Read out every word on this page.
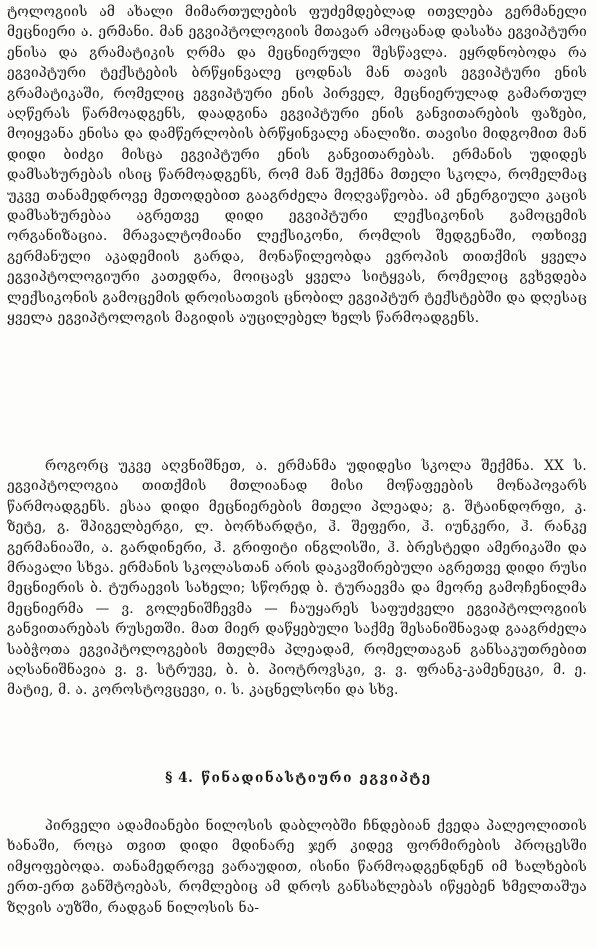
ტოლოგიის ამ ახალი მიმართულების ფუძემდებლად ითვლება გერმანელი მეცნიერი ა. ერმანი. მან ეგვიპტოლოგიის მთავარ ამოცანად დასახა ეგვიპტური ენისა და გრამატიკის ღრმა და მეცნიერული შესწავლა. ეყრდნობოდა რა ეგვიპტური ტექსტების ბრწყინვალე ცოდნას მან თავის ეგვიპტური ენის გრამატიკაში, რომელიც ეგვიპტური ენის პირველ, მეცნიერულად გამართულ აღწერას წარმოადგენს, დაადგინა ეგვიპტური ენის განვითარების ფაზები, მოიყვანა ენისა და დამწერლობის ბრწყინვალე ანალიზი. თავისი მიდგომით მან დიდი ბიძგი მისცა ეგვიპტური ენის განვითარებას. ერმანის უდიდეს დამსახურებას ისიც წარმოადგენს, რომ მან შექმნა მთელი სკოლა, რომელმაც უკვე თანამედროვე მეთოდებით გააგრძელა მოღვაწეობა. ამ ენერგიული კაცის დამსახურებაა აგრეთვე დიდი ეგვიპტური ლექსიკონის გამოცემის ორგანიზაცია. მრავალტომიანი ლექსიკონი, რომლის შედგენაში, ოთხივე გერმანული აკადემიის გარდა, მონაწილეობდა ევროპის თითქმის ყველა ეგვიპტოლოგიური კათედრა, მოიცავს ყველა სიტყვას, რომელიც გვხვდება ლექსიკონის გამოცემის დროისათვის ცნობილ ეგვიპტურ ტექსტებში და დღესაც ყველა ეგვიპტოლოგის მაგიდის აუცილებელ ხელს წარმოადგენს.

როგორც უკვე აღვნიშნეთ, ა. ერმანმა უდიდესი სკოლა შექმნა. XX ს. ეგვიპტოლოგია თითქმის მთლიანად მისი მოწაფეების მონაპოვარს წარმოადგენს. ესაა დიდი მეცნიერების მთელი პლეადა; გ. შტაინდორფი, კ. ზეტე, გ. შპიგელბერგი, ლ. ბორხარდტი, ჰ. შეფერი, ჰ. იუნკერი, ჰ. რანკე გერმანიაში, ა. გარდინერი, ჰ. გრიფიტი ინგლისში, ჰ. ბრესტედი ამერიკაში და მრავალი სხვა. ერმანის სკოლასთან არის დაკავშირებული აგრეთვე დიდი რუსი მეცნიერის ბ. ტურაევის სახელი; სწორედ ბ. ტურაევმა და მეორე გამოჩენილმა მეცნიერმა — ვ. გოლენიშჩევმა — ჩაუყარეს საფუძველი ეგვიპტოლოგიის განვითარებას რუსეთში. მათ მიერ დაწყებული საქმე შესანიშნავად გააგრძელა საბჭოთა ეგვიპტოლოგების მთელმა პლეადამ, რომელთაგან განსაკუთრებით აღსანიშნავია ვ. ვ. სტრუვე, ბ. ბ. პიოტროვსკი, ვ. ვ. ფრანკ-კამენეცკი, მ. ე. მატიე, მ. ა. კოროსტოვცევი, ი. ს. კაცნელსონი და სხვ.

§ 4. წინადინასტიური ეგვიპტე

პირველი ადამიანები ნილოსის დაბლობში ჩნდებიან ქვედა პალეოლითის ხანაში, როცა თვით დიდი მდინარე ჯერ კიდევ ფორმირების პროცესში იმყოფებოდა. თანამედროვე ვარაუდით, ისინი წარმოადგენდნენ იმ ხალხების ერთ-ერთ განშტოებას, რომლებიც ამ დროს განსახლებას იწყებენ ხმელთაშუა ზღვის აუზში, რადგან ნილოსის ნა-
